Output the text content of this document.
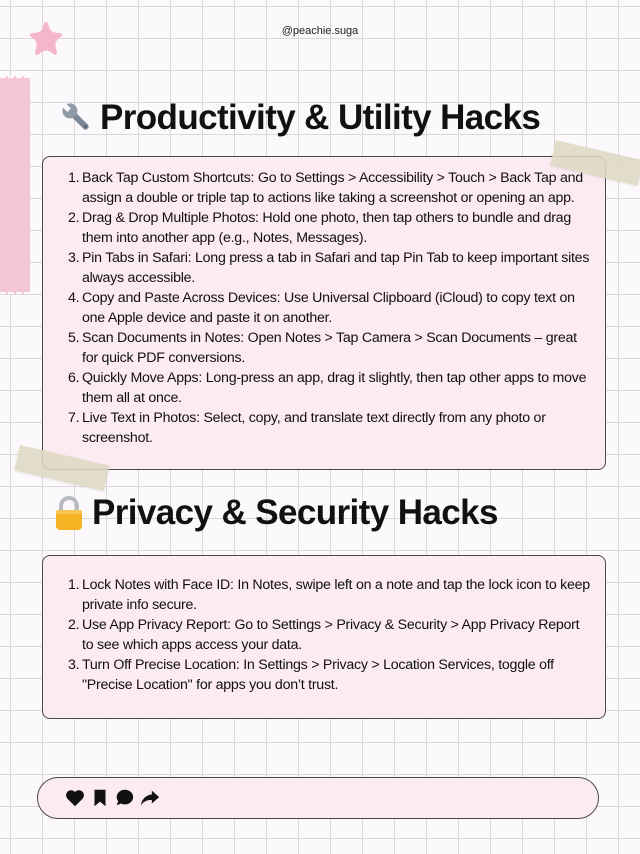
@peachie.suga
Productivity & Utility Hacks
1. Back Tap Custom Shortcuts: Go to Settings > Accessibility > Touch > Back Tap and assign a double or triple tap to actions like taking a screenshot or opening an app.
2. Drag & Drop Multiple Photos: Hold one photo, then tap others to bundle and drag them into another app (e.g., Notes, Messages).
3. Pin Tabs in Safari: Long press a tab in Safari and tap Pin Tab to keep important sites always accessible.
4. Copy and Paste Across Devices: Use Universal Clipboard (iCloud) to copy text on one Apple device and paste it on another.
5. Scan Documents in Notes: Open Notes > Tap Camera > Scan Documents – great for quick PDF conversions.
6. Quickly Move Apps: Long-press an app, drag it slightly, then tap other apps to move them all at once.
7. Live Text in Photos: Select, copy, and translate text directly from any photo or screenshot.
Privacy & Security Hacks
1. Lock Notes with Face ID: In Notes, swipe left on a note and tap the lock icon to keep private info secure.
2. Use App Privacy Report: Go to Settings > Privacy & Security > App Privacy Report to see which apps access your data.
3. Turn Off Precise Location: In Settings > Privacy > Location Services, toggle off "Precise Location" for apps you don’t trust.
